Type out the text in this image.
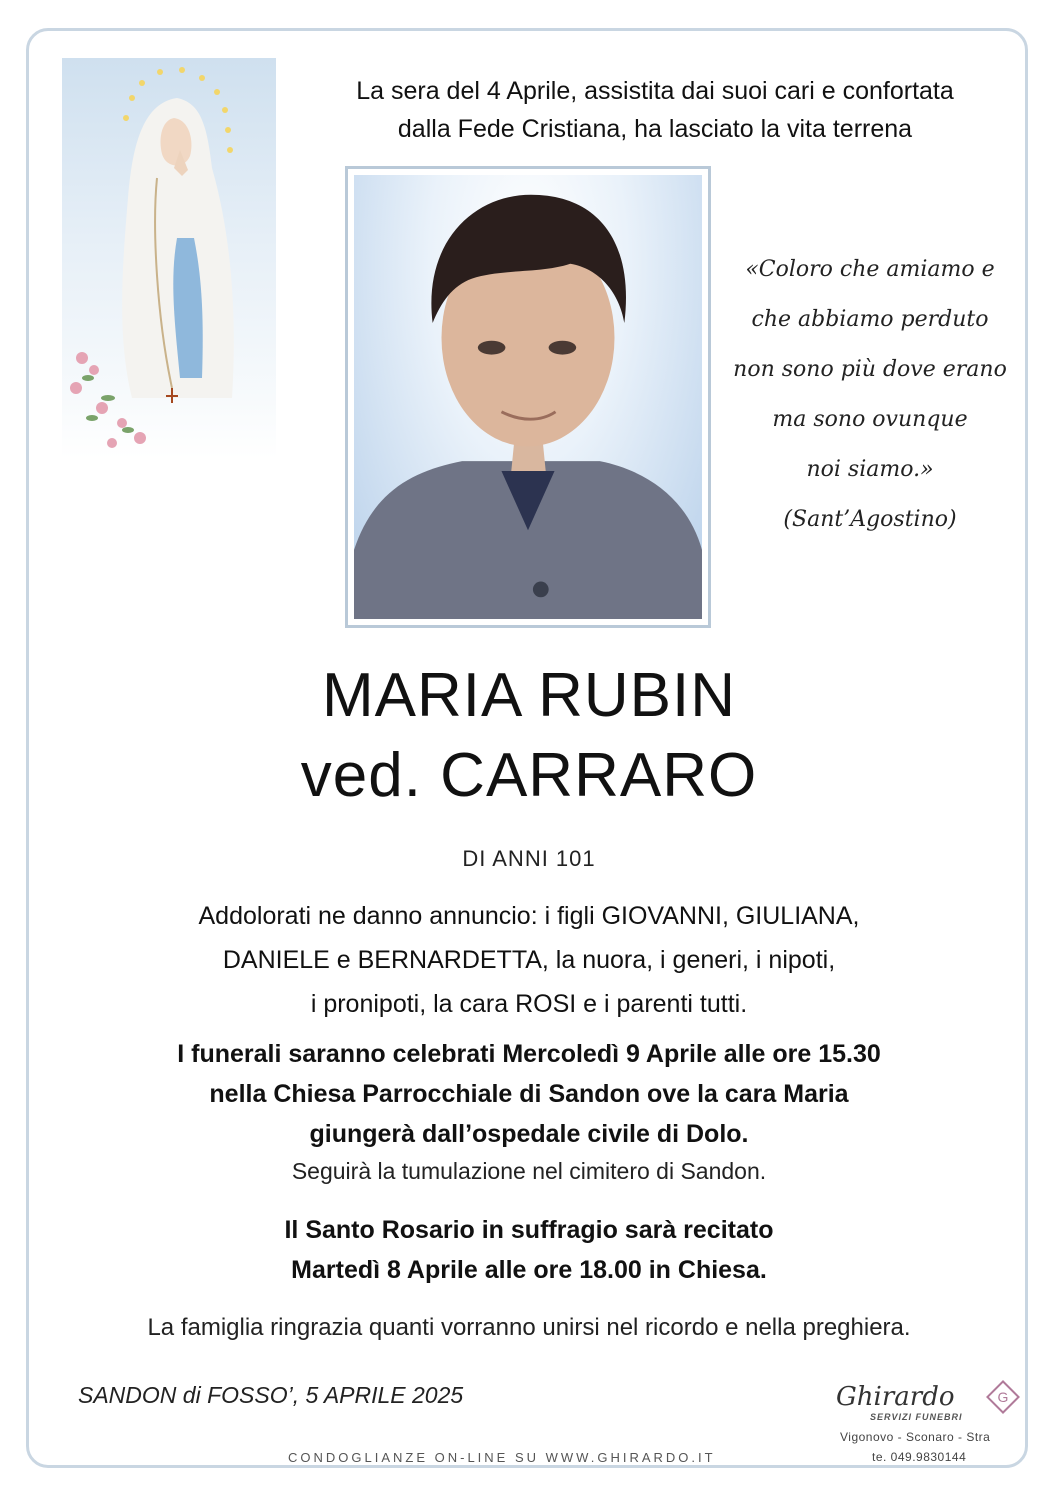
La sera del 4 Aprile, assistita dai suoi cari e confortata
dalla Fede Cristiana, ha lasciato la vita terrena
«Coloro che amiamo e
che abbiamo perduto
non sono più dove erano
ma sono ovunque
noi siamo.»
(Sant’Agostino)
MARIA RUBIN
ved. CARRARO
DI ANNI 101
Addolorati ne danno annuncio: i figli GIOVANNI, GIULIANA,
DANIELE e BERNARDETTA, la nuora, i generi, i nipoti,
i pronipoti, la cara ROSI e i parenti tutti.
I funerali saranno celebrati Mercoledì 9 Aprile alle ore 15.30
nella Chiesa Parrocchiale di Sandon ove la cara Maria
giungerà dall’ospedale civile di Dolo.
Seguirà la tumulazione nel cimitero di Sandon.
Il Santo Rosario in suffragio sarà recitato
Martedì 8 Aprile alle ore 18.00 in Chiesa.
La famiglia ringrazia quanti vorranno unirsi nel ricordo e nella preghiera.
SANDON di FOSSO’, 5 APRILE 2025
CONDOGLIANZE ON-LINE SU WWW.GHIRARDO.IT
Ghirardo
SERVIZI FUNEBRI
G
Vigonovo - Sconaro - Stra
te. 049.9830144
